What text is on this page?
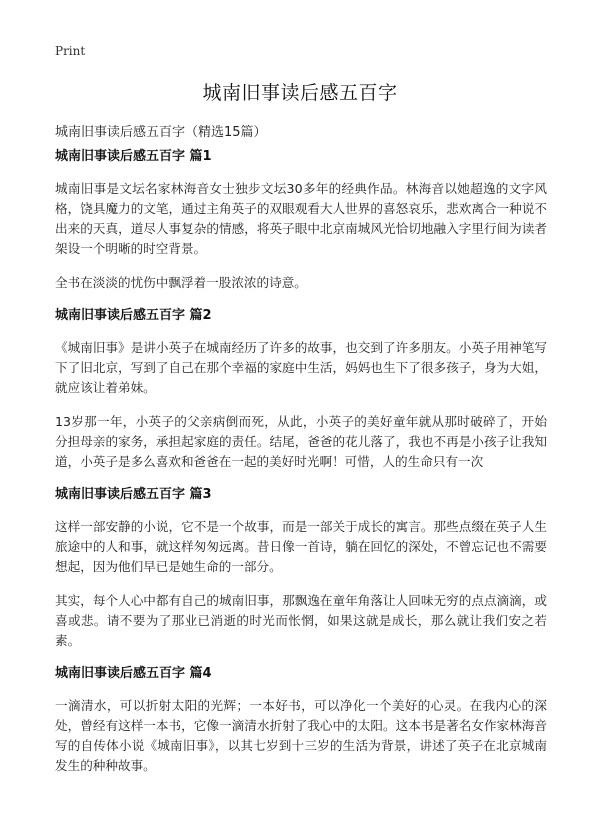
Print
城南旧事读后感五百字
城南旧事读后感五百字（精选15篇）
城南旧事读后感五百字 篇1

城南旧事是文坛名家林海音女士独步文坛30多年的经典作品。林海音以她超逸的文字风格，饶具魔力的文笔，通过主角英子的双眼观看大人世界的喜怒哀乐，悲欢离合一种说不出来的天真，道尽人事复杂的情感，将英子眼中北京南城风光恰切地融入字里行间为读者架设一个明晰的时空背景。

全书在淡淡的忧伤中飘浮着一股浓浓的诗意。

城南旧事读后感五百字 篇2

《城南旧事》是讲小英子在城南经历了许多的故事，也交到了许多朋友。小英子用神笔写下了旧北京，写到了自己在那个幸福的家庭中生活，妈妈也生下了很多孩子，身为大姐，就应该让着弟妹。

13岁那一年，小英子的父亲病倒而死，从此，小英子的美好童年就从那时破碎了，开始分担母亲的家务，承担起家庭的责任。结尾，爸爸的花儿落了，我也不再是小孩子让我知道，小英子是多么喜欢和爸爸在一起的美好时光啊！可惜，人的生命只有一次

城南旧事读后感五百字 篇3

这样一部安静的小说，它不是一个故事，而是一部关于成长的寓言。那些点缀在英子人生旅途中的人和事，就这样匆匆远离。昔日像一首诗，躺在回忆的深处，不曾忘记也不需要想起，因为他们早已是她生命的一部分。

其实，每个人心中都有自己的城南旧事，那飘逸在童年角落让人回味无穷的点点滴滴，或喜或悲。请不要为了那业已消逝的时光而怅惘，如果这就是成长，那么就让我们安之若素。

城南旧事读后感五百字 篇4

一滴清水，可以折射太阳的光辉；一本好书，可以净化一个美好的心灵。在我内心的深处，曾经有这样一本书，它像一滴清水折射了我心中的太阳。这本书是著名女作家林海音写的自传体小说《城南旧事》，以其七岁到十三岁的生活为背景，讲述了英子在北京城南发生的种种故事。
